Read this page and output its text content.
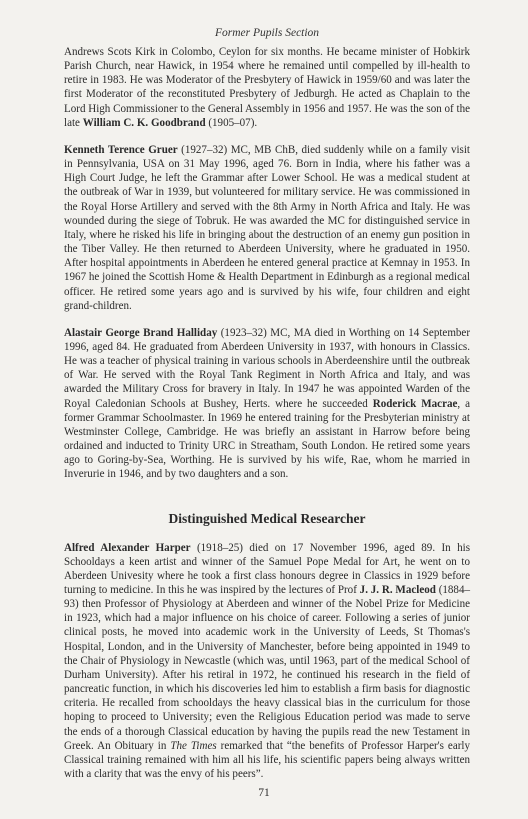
Former Pupils Section

Andrews Scots Kirk in Colombo, Ceylon for six months. He became minister of Hobkirk Parish Church, near Hawick, in 1954 where he remained until compelled by ill-health to retire in 1983. He was Moderator of the Presbytery of Hawick in 1959/60 and was later the first Moderator of the reconstituted Presbytery of Jedburgh. He acted as Chaplain to the Lord High Commissioner to the General Assembly in 1956 and 1957. He was the son of the late William C. K. Goodbrand (1905–07).

Kenneth Terence Gruer (1927–32) MC, MB ChB, died suddenly while on a family visit in Pennsylvania, USA on 31 May 1996, aged 76. Born in India, where his father was a High Court Judge, he left the Grammar after Lower School. He was a medical student at the outbreak of War in 1939, but volunteered for military service. He was commissioned in the Royal Horse Artillery and served with the 8th Army in North Africa and Italy. He was wounded during the siege of Tobruk. He was awarded the MC for distinguished service in Italy, where he risked his life in bringing about the destruction of an enemy gun position in the Tiber Valley. He then returned to Aberdeen University, where he graduated in 1950. After hospital appointments in Aberdeen he entered general practice at Kemnay in 1953. In 1967 he joined the Scottish Home & Health Department in Edinburgh as a regional medical officer. He retired some years ago and is survived by his wife, four children and eight grand-children.

Alastair George Brand Halliday (1923–32) MC, MA died in Worthing on 14 September 1996, aged 84. He graduated from Aberdeen University in 1937, with honours in Classics. He was a teacher of physical training in various schools in Aberdeenshire until the outbreak of War. He served with the Royal Tank Regiment in North Africa and Italy, and was awarded the Military Cross for bravery in Italy. In 1947 he was appointed Warden of the Royal Caledonian Schools at Bushey, Herts. where he succeeded Roderick Macrae, a former Grammar Schoolmaster. In 1969 he entered training for the Presbyterian ministry at Westminster College, Cambridge. He was briefly an assistant in Harrow before being ordained and inducted to Trinity URC in Streatham, South London. He retired some years ago to Goring-by-Sea, Worthing. He is survived by his wife, Rae, whom he married in Inverurie in 1946, and by two daughters and a son.

Distinguished Medical Researcher

Alfred Alexander Harper (1918–25) died on 17 November 1996, aged 89. In his Schooldays a keen artist and winner of the Samuel Pope Medal for Art, he went on to Aberdeen Univesity where he took a first class honours degree in Classics in 1929 before turning to medicine. In this he was inspired by the lectures of Prof J. J. R. Macleod (1884–93) then Professor of Physiology at Aberdeen and winner of the Nobel Prize for Medicine in 1923, which had a major influence on his choice of career. Following a series of junior clinical posts, he moved into academic work in the University of Leeds, St Thomas's Hospital, London, and in the University of Manchester, before being appointed in 1949 to the Chair of Physiology in Newcastle (which was, until 1963, part of the medical School of Durham University). After his retiral in 1972, he continued his research in the field of pancreatic function, in which his discoveries led him to establish a firm basis for diagnostic criteria. He recalled from schooldays the heavy classical bias in the curriculum for those hoping to proceed to University; even the Religious Education period was made to serve the ends of a thorough Classical education by having the pupils read the new Testament in Greek. An Obituary in The Times remarked that “the benefits of Professor Harper's early Classical training remained with him all his life, his scientific papers being always written with a clarity that was the envy of his peers”.

71
